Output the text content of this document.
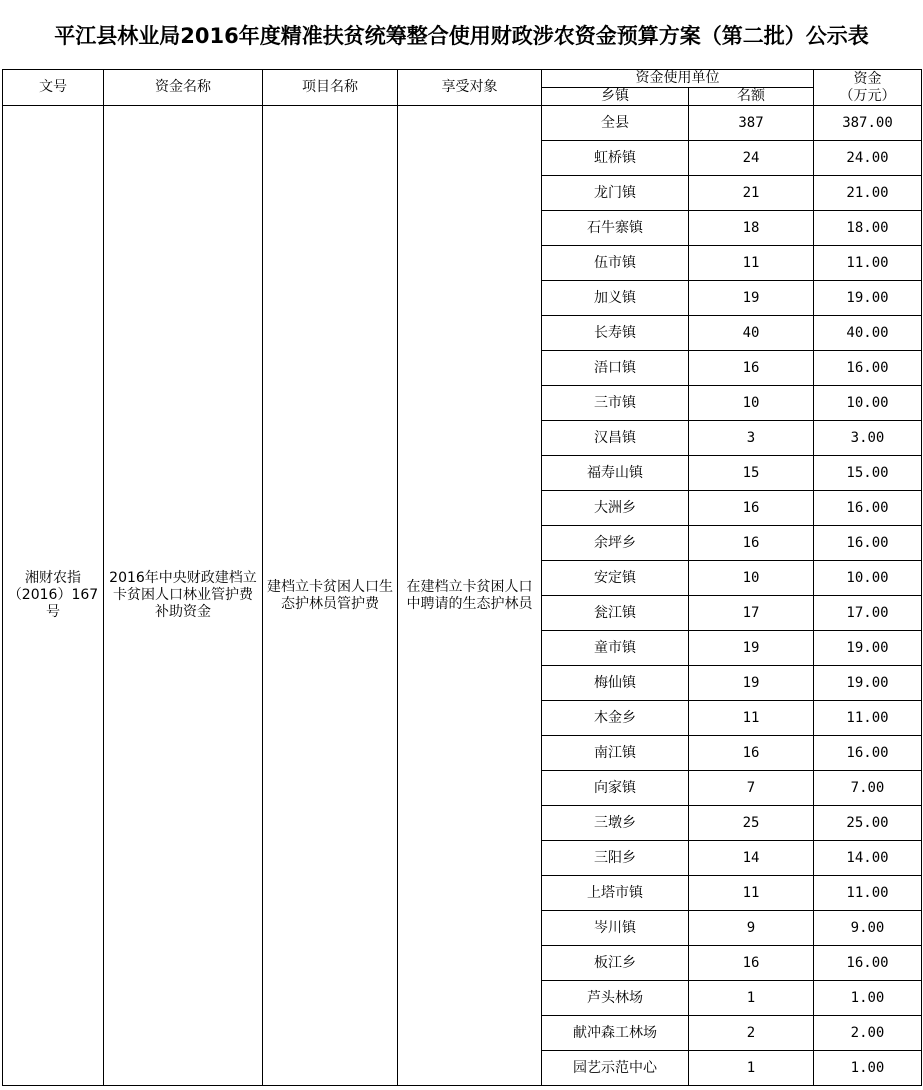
平江县林业局2016年度精准扶贫统筹整合使用财政涉农资金预算方案（第二批）公示表
文号	资金名称	项目名称	享受对象	资金使用单位		资金
（万元）

				乡镇	名额	
湘财农指（2016）167号	2016年中央财政建档立卡贫困人口林业管护费补助资金	建档立卡贫困人口生态护林员管护费	在建档立卡贫困人口中聘请的生态护林员	全县	387	387.00
				虹桥镇	24	24.00
				龙门镇	21	21.00
				石牛寨镇	18	18.00
				伍市镇	11	11.00
				加义镇	19	19.00
				长寿镇	40	40.00
				浯口镇	16	16.00
				三市镇	10	10.00
				汉昌镇	3	3.00
				福寿山镇	15	15.00
				大洲乡	16	16.00
				余坪乡	16	16.00
				安定镇	10	10.00
				瓮江镇	17	17.00
				童市镇	19	19.00
				梅仙镇	19	19.00
				木金乡	11	11.00
				南江镇	16	16.00
				向家镇	7	7.00
				三墩乡	25	25.00
				三阳乡	14	14.00
				上塔市镇	11	11.00
				岑川镇	9	9.00
				板江乡	16	16.00
				芦头林场	1	1.00
				献冲森工林场	2	2.00
				园艺示范中心	1	1.00
